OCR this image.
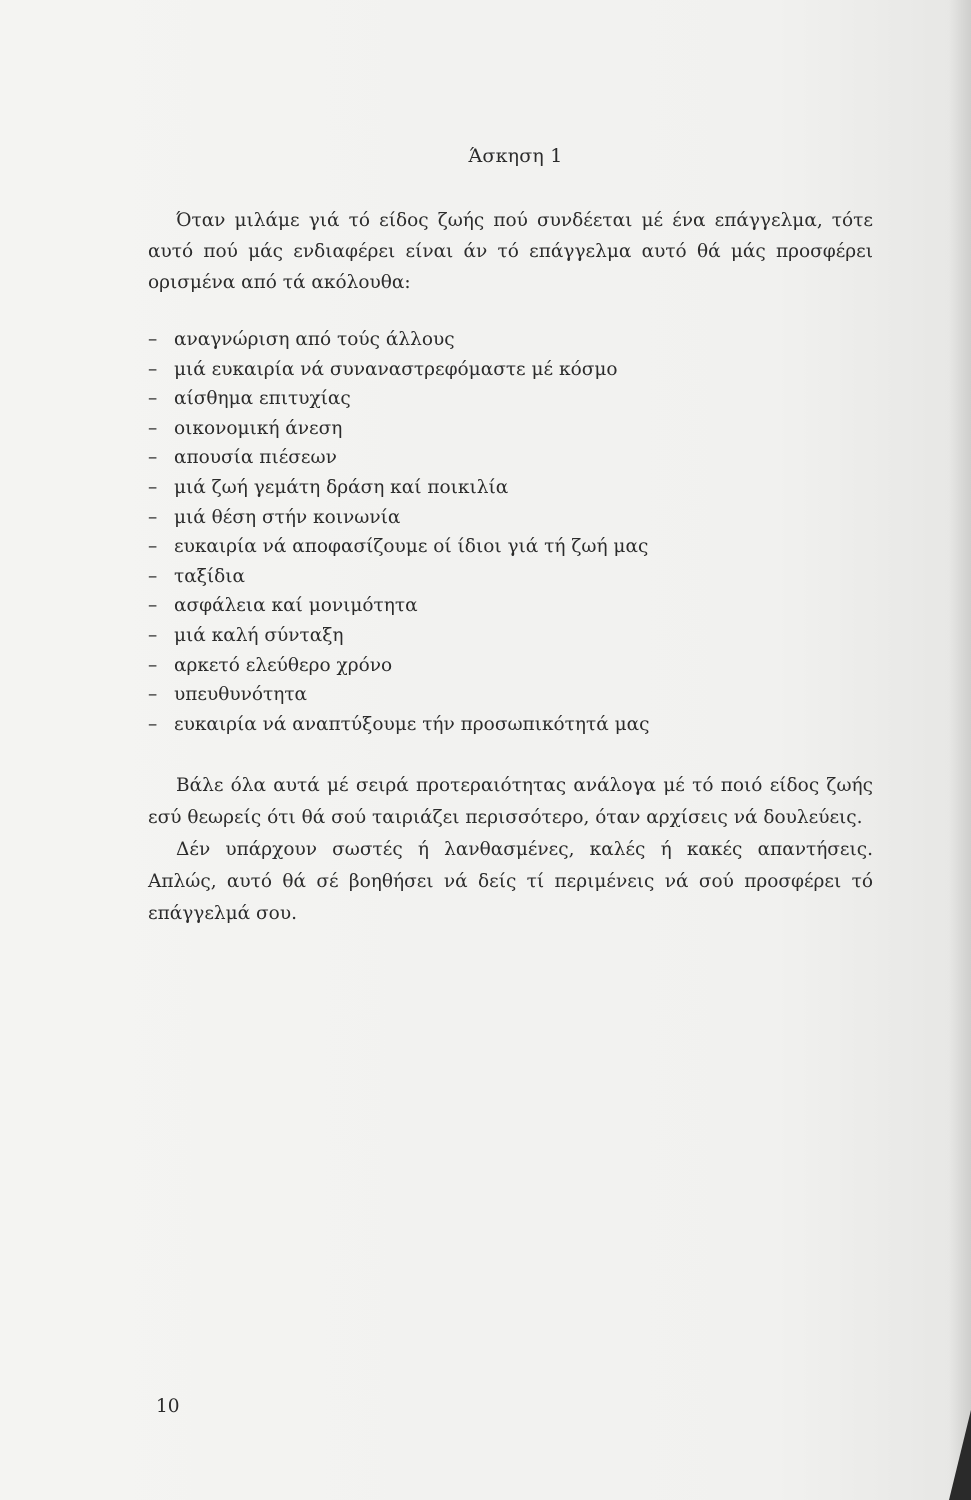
Άσκηση 1

Όταν μιλάμε γιά τό είδος ζωής πού συνδέεται μέ ένα επάγγελμα, τότε αυτό πού μάς ενδιαφέρει είναι άν τό επάγγελμα αυτό θά μάς προσφέρει ορισμένα από τά ακόλουθα:

– αναγνώριση από τούς άλλους
– μιά ευκαιρία νά συναναστρεφόμαστε μέ κόσμο
– αίσθημα επιτυχίας
– οικονομική άνεση
– απουσία πιέσεων
– μιά ζωή γεμάτη δράση καί ποικιλία
– μιά θέση στήν κοινωνία
– ευκαιρία νά αποφασίζουμε οί ίδιοι γιά τή ζωή μας
– ταξίδια
– ασφάλεια καί μονιμότητα
– μιά καλή σύνταξη
– αρκετό ελεύθερο χρόνο
– υπευθυνότητα
– ευκαιρία νά αναπτύξουμε τήν προσωπικότητά μας

Βάλε όλα αυτά μέ σειρά προτεραιότητας ανάλογα μέ τό ποιό είδος ζωής εσύ θεωρείς ότι θά σού ταιριάζει περισσότερο, όταν αρχίσεις νά δουλεύεις.

Δέν υπάρχουν σωστές ή λανθασμένες, καλές ή κακές απαντήσεις. Απλώς, αυτό θά σέ βοηθήσει νά δείς τί περιμένεις νά σού προσφέρει τό επάγγελμά σου.

10
